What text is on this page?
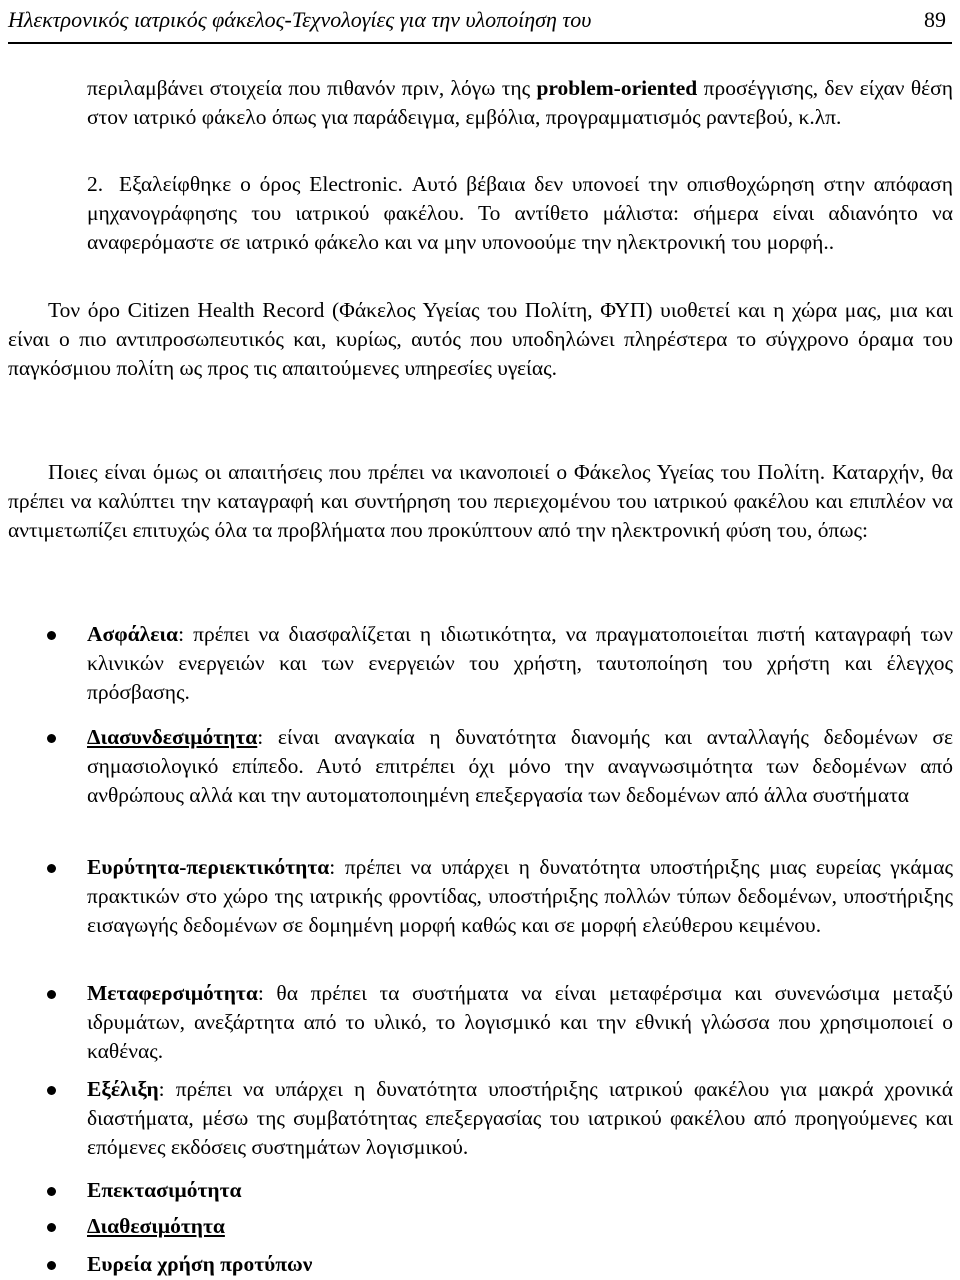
Ηλεκτρονικός ιατρικός φάκελος-Τεχνολογίες για την υλοποίηση του	89

περιλαμβάνει στοιχεία που πιθανόν πριν, λόγω της problem-oriented προσέγγισης, δεν είχαν θέση στον ιατρικό φάκελο όπως για παράδειγμα, εμβόλια, προγραμματισμός ραντεβού, κ.λπ.

2. Εξαλείφθηκε ο όρος Electronic. Αυτό βέβαια δεν υπονοεί την οπισθοχώρηση στην απόφαση μηχανογράφησης του ιατρικού φακέλου. Το αντίθετο μάλιστα: σήμερα είναι αδιανόητο να αναφερόμαστε σε ιατρικό φάκελο και να μην υπονοούμε την ηλεκτρονική του μορφή..

Τον όρο Citizen Health Record (Φάκελος Υγείας του Πολίτη, ΦΥΠ) υιοθετεί και η χώρα μας, μια και είναι ο πιο αντιπροσωπευτικός και, κυρίως, αυτός που υποδηλώνει πληρέστερα το σύγχρονο όραμα του παγκόσμιου πολίτη ως προς τις απαιτούμενες υπηρεσίες υγείας.

Ποιες είναι όμως οι απαιτήσεις που πρέπει να ικανοποιεί ο Φάκελος Υγείας του Πολίτη. Καταρχήν, θα πρέπει να καλύπτει την καταγραφή και συντήρηση του περιεχομένου του ιατρικού φακέλου και επιπλέον να αντιμετωπίζει επιτυχώς όλα τα προβλήματα που προκύπτουν από την ηλεκτρονική φύση του, όπως:

Ασφάλεια: πρέπει να διασφαλίζεται η ιδιωτικότητα, να πραγματοποιείται πιστή καταγραφή των κλινικών ενεργειών και των ενεργειών του χρήστη, ταυτοποίηση του χρήστη και έλεγχος πρόσβασης.
Διασυνδεσιμότητα: είναι αναγκαία η δυνατότητα διανομής και ανταλλαγής δεδομένων σε σημασιολογικό επίπεδο. Αυτό επιτρέπει όχι μόνο την αναγνωσιμότητα των δεδομένων από ανθρώπους αλλά και την αυτοματοποιημένη επεξεργασία των δεδομένων από άλλα συστήματα
Ευρύτητα-περιεκτικότητα: πρέπει να υπάρχει η δυνατότητα υποστήριξης μιας ευρείας γκάμας πρακτικών στο χώρο της ιατρικής φροντίδας, υποστήριξης πολλών τύπων δεδομένων, υποστήριξης εισαγωγής δεδομένων σε δομημένη μορφή καθώς και σε μορφή ελεύθερου κειμένου.
Μεταφερσιμότητα: θα πρέπει τα συστήματα να είναι μεταφέρσιμα και συνενώσιμα μεταξύ ιδρυμάτων, ανεξάρτητα από το υλικό, το λογισμικό και την εθνική γλώσσα που χρησιμοποιεί ο καθένας.
Εξέλιξη: πρέπει να υπάρχει η δυνατότητα υποστήριξης ιατρικού φακέλου για μακρά χρονικά διαστήματα, μέσω της συμβατότητας επεξεργασίας του ιατρικού φακέλου από προηγούμενες και επόμενες εκδόσεις συστημάτων λογισμικού.
Επεκτασιμότητα
Διαθεσιμότητα
Ευρεία χρήση προτύπων
